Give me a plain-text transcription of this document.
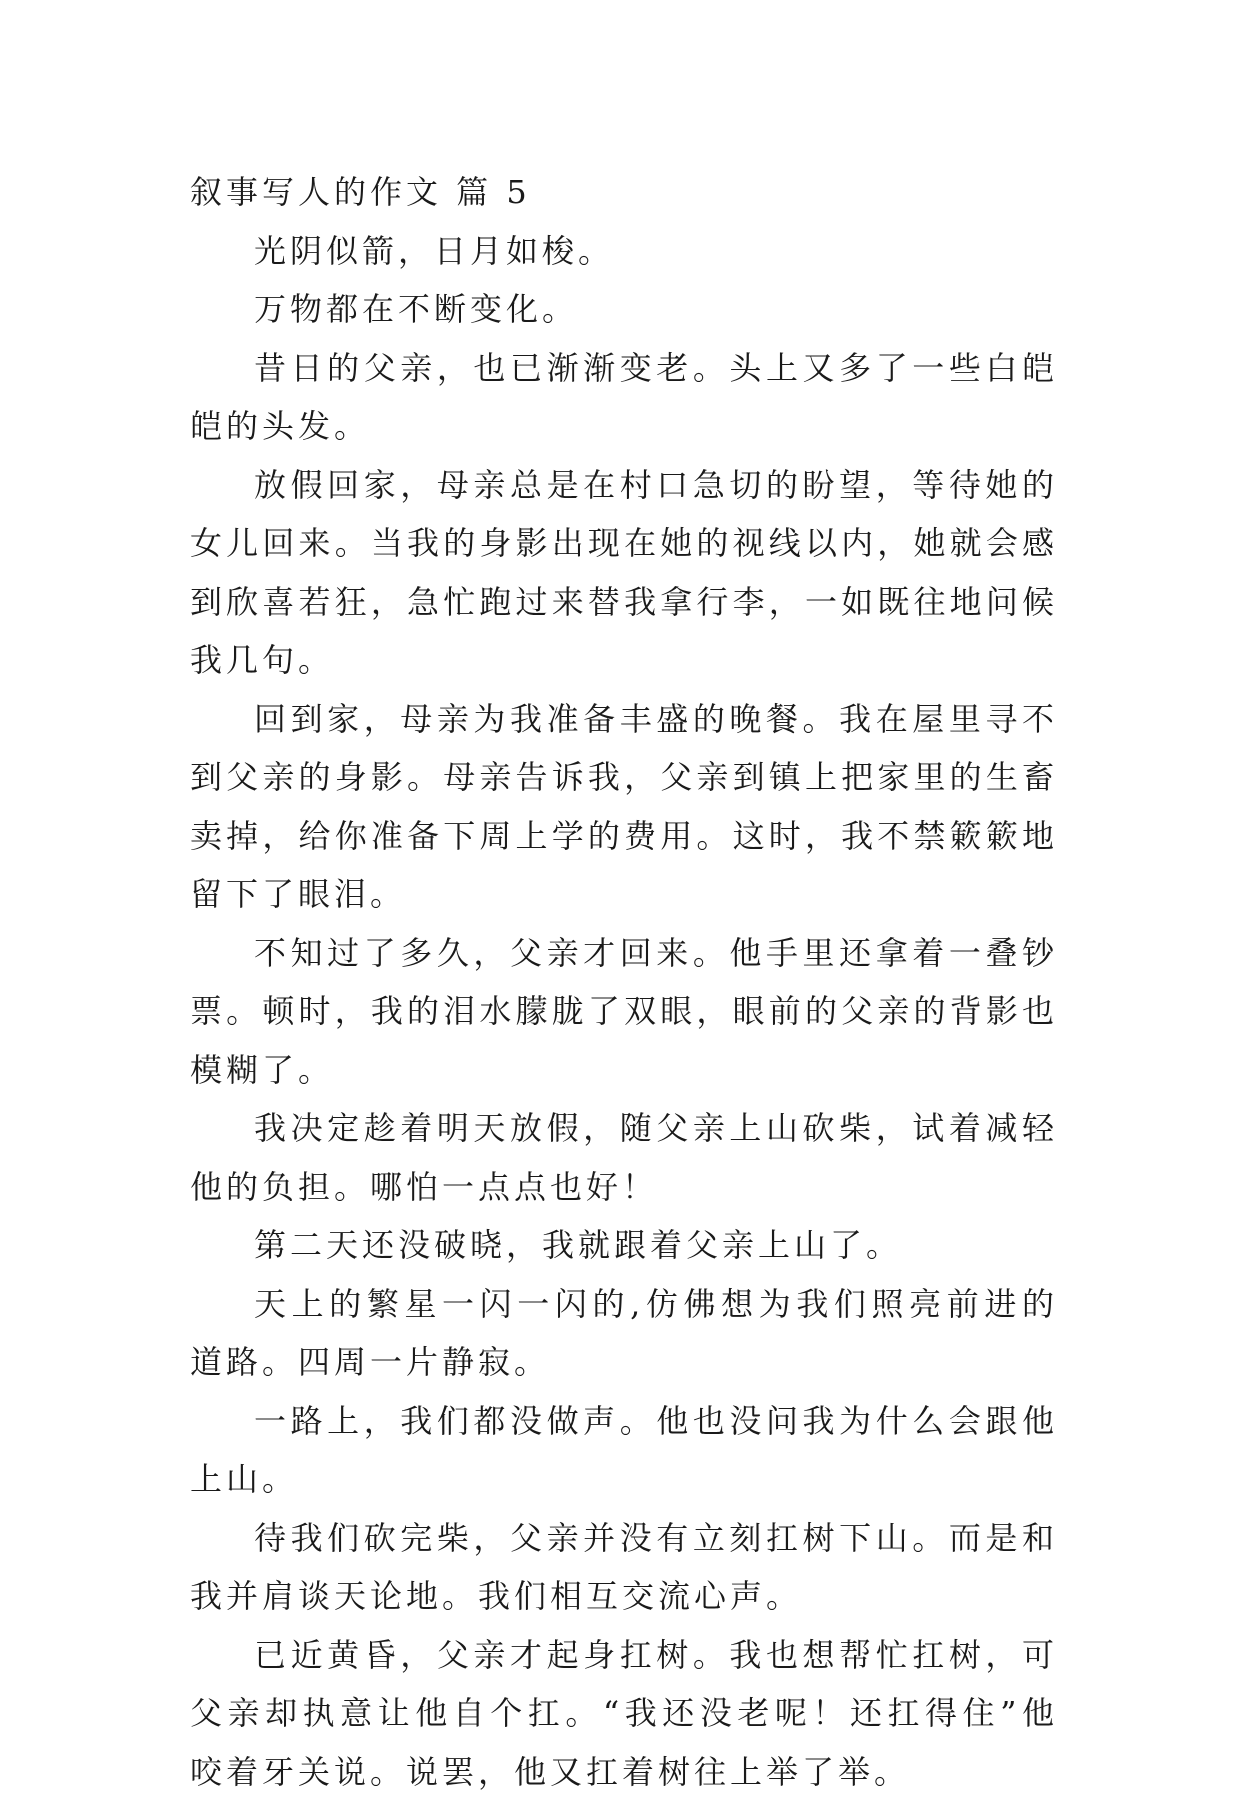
叙事写人的作文 篇 5

光阴似箭，日月如梭。

万物都在不断变化。

昔日的父亲，也已渐渐变老。头上又多了一些白皑皑的头发。

放假回家，母亲总是在村口急切的盼望，等待她的女儿回来。当我的身影出现在她的视线以内，她就会感到欣喜若狂，急忙跑过来替我拿行李，一如既往地问候我几句。

回到家，母亲为我准备丰盛的晚餐。我在屋里寻不到父亲的身影。母亲告诉我，父亲到镇上把家里的生畜卖掉，给你准备下周上学的费用。这时，我不禁簌簌地留下了眼泪。

不知过了多久，父亲才回来。他手里还拿着一叠钞票。顿时，我的泪水朦胧了双眼，眼前的父亲的背影也模糊了。

我决定趁着明天放假，随父亲上山砍柴，试着减轻他的负担。哪怕一点点也好！

第二天还没破晓，我就跟着父亲上山了。

天上的繁星一闪一闪的,仿佛想为我们照亮前进的道路。四周一片静寂。

一路上，我们都没做声。他也没问我为什么会跟他上山。

待我们砍完柴，父亲并没有立刻扛树下山。而是和我并肩谈天论地。我们相互交流心声。

已近黄昏，父亲才起身扛树。我也想帮忙扛树，可父亲却执意让他自个扛。“我还没老呢！还扛得住”他咬着牙关说。说罢，他又扛着树往上举了举。
